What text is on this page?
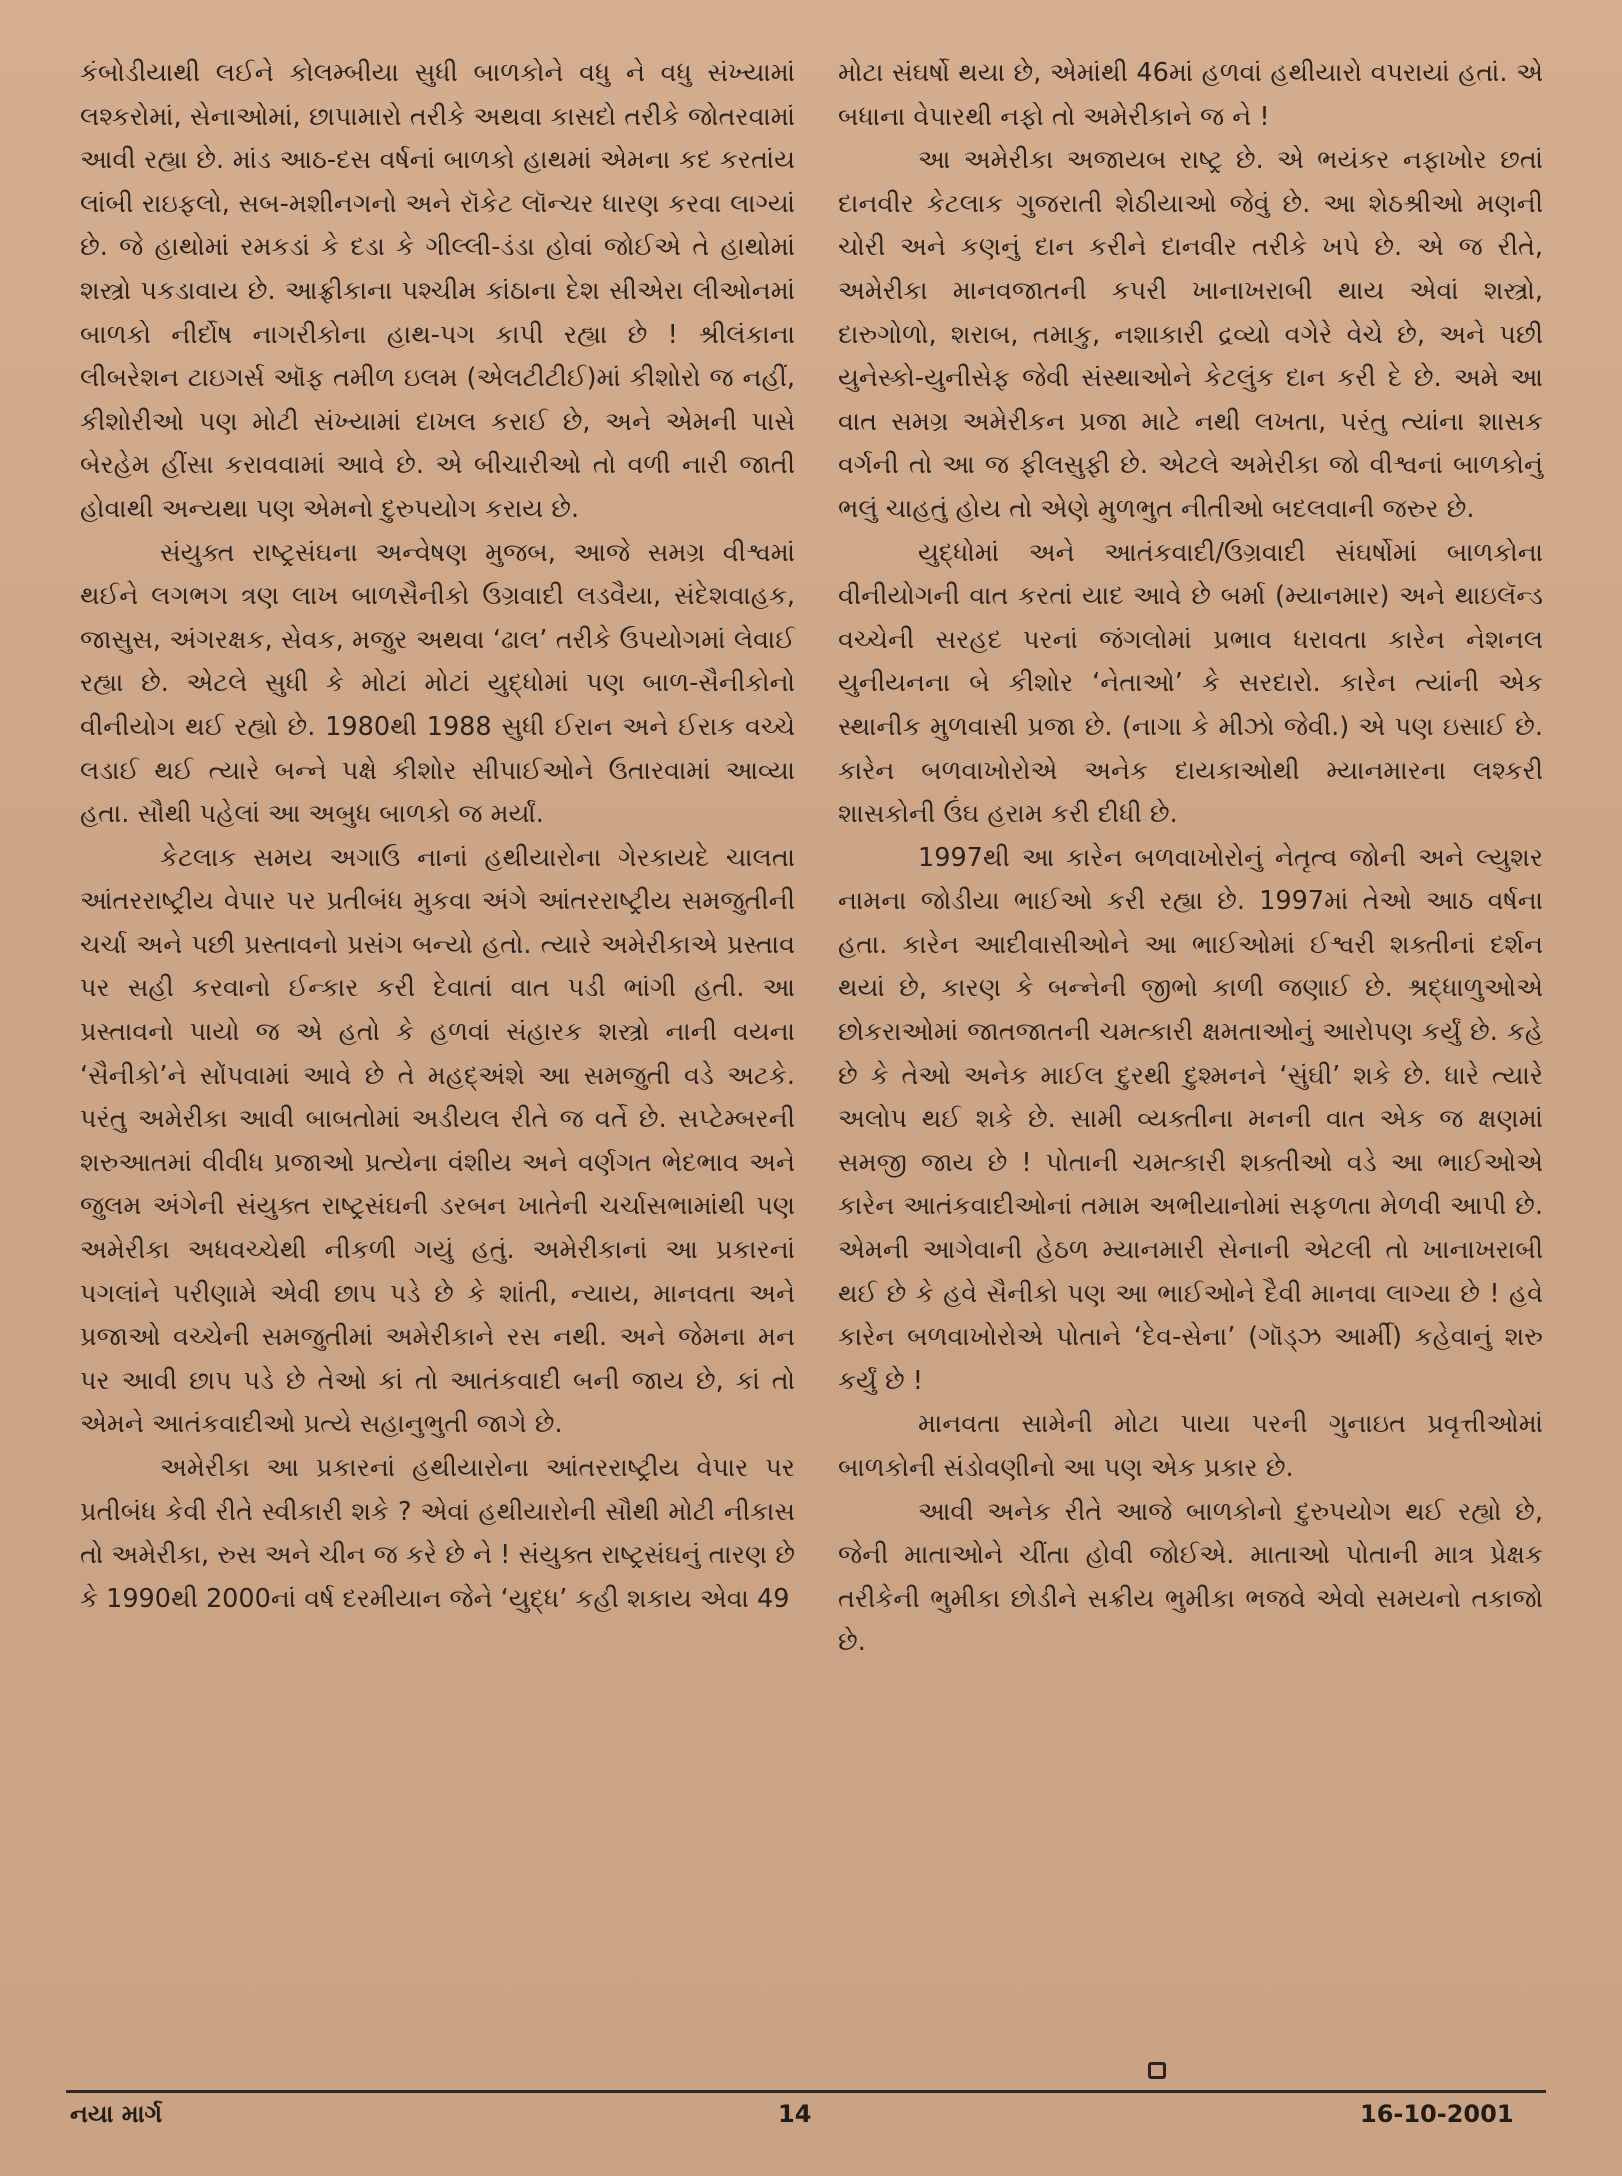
કંબોડીયાથી લઈને કોલમ્બીયા સુધી બાળકોને વધુ ને વધુ સંખ્યામાં લશ્કરોમાં, સેનાઓમાં, છાપામારો તરીકે અથવા કાસદો તરીકે જોતરવામાં આવી રહ્યા છે. માંડ આઠ-દસ વર્ષનાં બાળકો હાથમાં એમના કદ કરતાંય લાંબી રાઇફલો, સબ-મશીનગનો અને રૉકેટ લૉન્ચર ધારણ કરવા લાગ્યાં છે. જે હાથોમાં રમકડાં કે દડા કે ગીલ્લી-ડંડા હોવાં જોઈએ તે હાથોમાં શસ્ત્રો પકડાવાય છે. આફ્રીકાના પશ્ચીમ કાંઠાના દેશ સીએરા લીઓનમાં બાળકો નીર્દોષ નાગરીકોના હાથ-પગ કાપી રહ્યા છે ! શ્રીલંકાના લીબરેશન ટાઇગર્સ ઑફ તમીળ ઇલમ (એલટીટીઈ)માં કીશોરો જ નહીં, કીશોરીઓ પણ મોટી સંખ્યામાં દાખલ કરાઈ છે, અને એમની પાસે બેરહેમ હીંસા કરાવવામાં આવે છે. એ બીચારીઓ તો વળી નારી જાતી હોવાથી અન્યથા પણ એમનો દુરુપયોગ કરાય છે.

સંયુક્ત રાષ્ટ્રસંઘના અન્વેષણ મુજબ, આજે સમગ્ર વીશ્વમાં થઈને લગભગ ત્રણ લાખ બાળસૈનીકો ઉગ્રવાદી લડવૈયા, સંદેશવાહક, જાસુસ, અંગરક્ષક, સેવક, મજુર અથવા ‘ઢાલ’ તરીકે ઉપયોગમાં લેવાઈ રહ્યા છે. એટલે સુધી કે મોટાં મોટાં યુદ્ધોમાં પણ બાળ-સૈનીકોનો વીનીયોગ થઈ રહ્યો છે. 1980થી 1988 સુધી ઈરાન અને ઈરાક વચ્ચે લડાઈ થઈ ત્યારે બન્ને પક્ષે કીશોર સીપાઈઓને ઉતારવામાં આવ્યા હતા. સૌથી પહેલાં આ અબુધ બાળકો જ મર્યાં.

કેટલાક સમય અગાઉ નાનાં હથીયારોના ગેરકાયદે ચાલતા આંતરરાષ્ટ્રીય વેપાર પર પ્રતીબંધ મુકવા અંગે આંતરરાષ્ટ્રીય સમજુતીની ચર્ચા અને પછી પ્રસ્તાવનો પ્રસંગ બન્યો હતો. ત્યારે અમેરીકાએ પ્રસ્તાવ પર સહી કરવાનો ઈન્કાર કરી દેવાતાં વાત પડી ભાંગી હતી. આ પ્રસ્તાવનો પાયો જ એ હતો કે હળવાં સંહારક શસ્ત્રો નાની વયના ‘સૈનીકો’ને સોંપવામાં આવે છે તે મહદ્અંશે આ સમજુતી વડે અટકે. પરંતુ અમેરીકા આવી બાબતોમાં અડીયલ રીતે જ વર્તે છે. સપ્ટેમ્બરની શરુઆતમાં વીવીધ પ્રજાઓ પ્રત્યેના વંશીય અને વર્ણગત ભેદભાવ અને જુલમ અંગેની સંયુક્ત રાષ્ટ્રસંઘની ડરબન ખાતેની ચર્ચાસભામાંથી પણ અમેરીકા અધવચ્ચેથી નીકળી ગયું હતું. અમેરીકાનાં આ પ્રકારનાં પગલાંને પરીણામે એવી છાપ પડે છે કે શાંતી, ન્યાય, માનવતા અને પ્રજાઓ વચ્ચેની સમજુતીમાં અમેરીકાને રસ નથી. અને જેમના મન પર આવી છાપ પડે છે તેઓ કાં તો આતંકવાદી બની જાય છે, કાં તો એમને આતંકવાદીઓ પ્રત્યે સહાનુભુતી જાગે છે.

અમેરીકા આ પ્રકારનાં હથીયારોના આંતરરાષ્ટ્રીય વેપાર પર પ્રતીબંધ કેવી રીતે સ્વીકારી શકે ? એવાં હથીયારોની સૌથી મોટી નીકાસ તો અમેરીકા, રુસ અને ચીન જ કરે છે ને ! સંયુક્ત રાષ્ટ્રસંઘનું તારણ છે કે 1990થી 2000નાં વર્ષ દરમીયાન જેને ‘યુદ્ધ’ કહી શકાય એવા 49

મોટા સંઘર્ષો થયા છે, એમાંથી 46માં હળવાં હથીયારો વપરાયાં હતાં. એ બધાના વેપારથી નફો તો અમેરીકાને જ ને !

આ અમેરીકા અજાયબ રાષ્ટ્ર છે. એ ભયંકર નફાખોર છતાં દાનવીર કેટલાક ગુજરાતી શેઠીયાઓ જેવું છે. આ શેઠશ્રીઓ મણની ચોરી અને કણનું દાન કરીને દાનવીર તરીકે ખપે છે. એ જ રીતે, અમેરીકા માનવજાતની કપરી ખાનાખરાબી થાય એવાં શસ્ત્રો, દારુગોળો, શરાબ, તમાકુ, નશાકારી દ્રવ્યો વગેરે વેચે છે, અને પછી યુનેસ્કો-યુનીસેફ જેવી સંસ્થાઓને કેટલુંક દાન કરી દે છે. અમે આ વાત સમગ્ર અમેરીકન પ્રજા માટે નથી લખતા, પરંતુ ત્યાંના શાસક વર્ગની તો આ જ ફીલસુફી છે. એટલે અમેરીકા જો વીશ્વનાં બાળકોનું ભલું ચાહતું હોય તો એણે મુળભુત નીતીઓ બદલવાની જરુર છે.

યુદ્ધોમાં અને આતંકવાદી/ઉગ્રવાદી સંઘર્ષોમાં બાળકોના વીનીયોગની વાત કરતાં યાદ આવે છે બર્મા (મ્યાનમાર) અને થાઇલૅન્ડ વચ્ચેની સરહદ પરનાં જંગલોમાં પ્રભાવ ધરાવતા કારેન નેશનલ યુનીયનના બે કીશોર ‘નેતાઓ’ કે સરદારો. કારેન ત્યાંની એક સ્થાનીક મુળવાસી પ્રજા છે. (નાગા કે મીઝો જેવી.) એ પણ ઇસાઈ છે. કારેન બળવાખોરોએ અનેક દાયકાઓથી મ્યાનમારના લશ્કરી શાસકોની ઉંઘ હરામ કરી દીધી છે.

1997થી આ કારેન બળવાખોરોનું નેતૃત્વ જોની અને લ્યુશર નામના જોડીયા ભાઈઓ કરી રહ્યા છે. 1997માં તેઓ આઠ વર્ષના હતા. કારેન આદીવાસીઓને આ ભાઈઓમાં ઈશ્વરી શક્તીનાં દર્શન થયાં છે, કારણ કે બન્નેની જીભો કાળી જણાઈ છે. શ્રદ્ધાળુઓએ છોકરાઓમાં જાતજાતની ચમત્કારી ક્ષમતાઓનું આરોપણ કર્યું છે. કહે છે કે તેઓ અનેક માઈલ દુરથી દુશ્મનને ‘સુંઘી’ શકે છે. ધારે ત્યારે અલોપ થઈ શકે છે. સામી વ્યક્તીના મનની વાત એક જ ક્ષણમાં સમજી જાય છે ! પોતાની ચમત્કારી શક્તીઓ વડે આ ભાઈઓએ કારેન આતંકવાદીઓનાં તમામ અભીયાનોમાં સફળતા મેળવી આપી છે. એમની આગેવાની હેઠળ મ્યાનમારી સેનાની એટલી તો ખાનાખરાબી થઈ છે કે હવે સૈનીકો પણ આ ભાઈઓને દૈવી માનવા લાગ્યા છે ! હવે કારેન બળવાખોરોએ પોતાને ‘દેવ-સેના’ (ગૉડ્ઝ આર્મી) કહેવાનું શરુ કર્યું છે !

માનવતા સામેની મોટા પાયા પરની ગુનાઇત પ્રવૃત્તીઓમાં બાળકોની સંડોવણીનો આ પણ એક પ્રકાર છે.

આવી અનેક રીતે આજે બાળકોનો દુરુપયોગ થઈ રહ્યો છે, જેની માતાઓને ચીંતા હોવી જોઈએ. માતાઓ પોતાની માત્ર પ્રેક્ષક તરીકેની ભુમીકા છોડીને સક્રીય ભુમીકા ભજવે એવો સમયનો તકાજો છે.

નયા માર્ગ	14	16-10-2001
